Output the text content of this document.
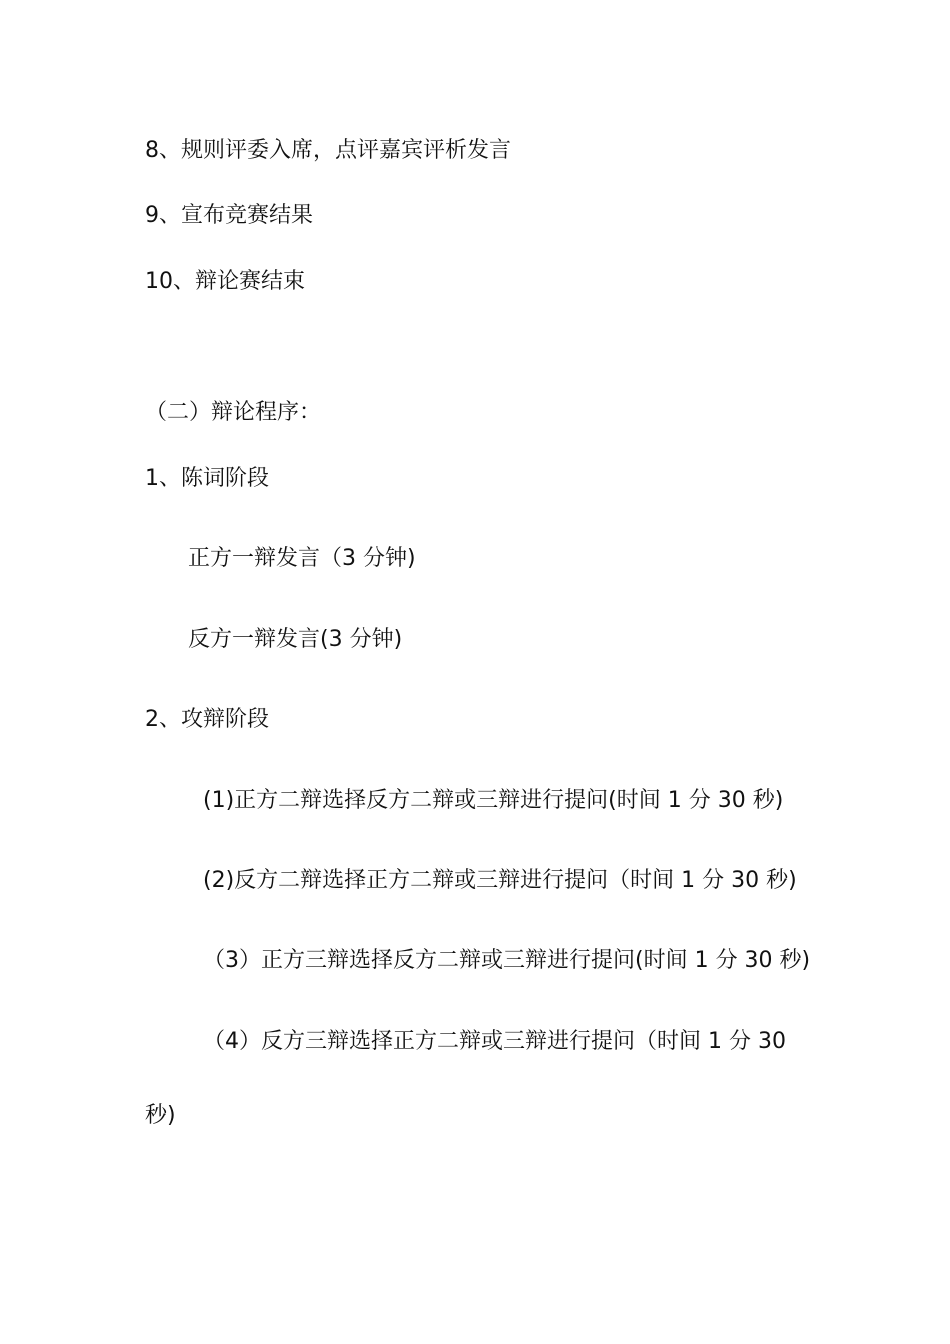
8、规则评委入席，点评嘉宾评析发言
9、宣布竞赛结果
10、辩论赛结束
（二）辩论程序：
1、陈词阶段
正方一辩发言（3 分钟)
反方一辩发言(3 分钟)
2、攻辩阶段
(1)正方二辩选择反方二辩或三辩进行提问(时间 1 分 30 秒)
(2)反方二辩选择正方二辩或三辩进行提问（时间 1 分 30 秒)
（3）正方三辩选择反方二辩或三辩进行提问(时间 1 分 30 秒)
（4）反方三辩选择正方二辩或三辩进行提问（时间 1 分 30
秒)
